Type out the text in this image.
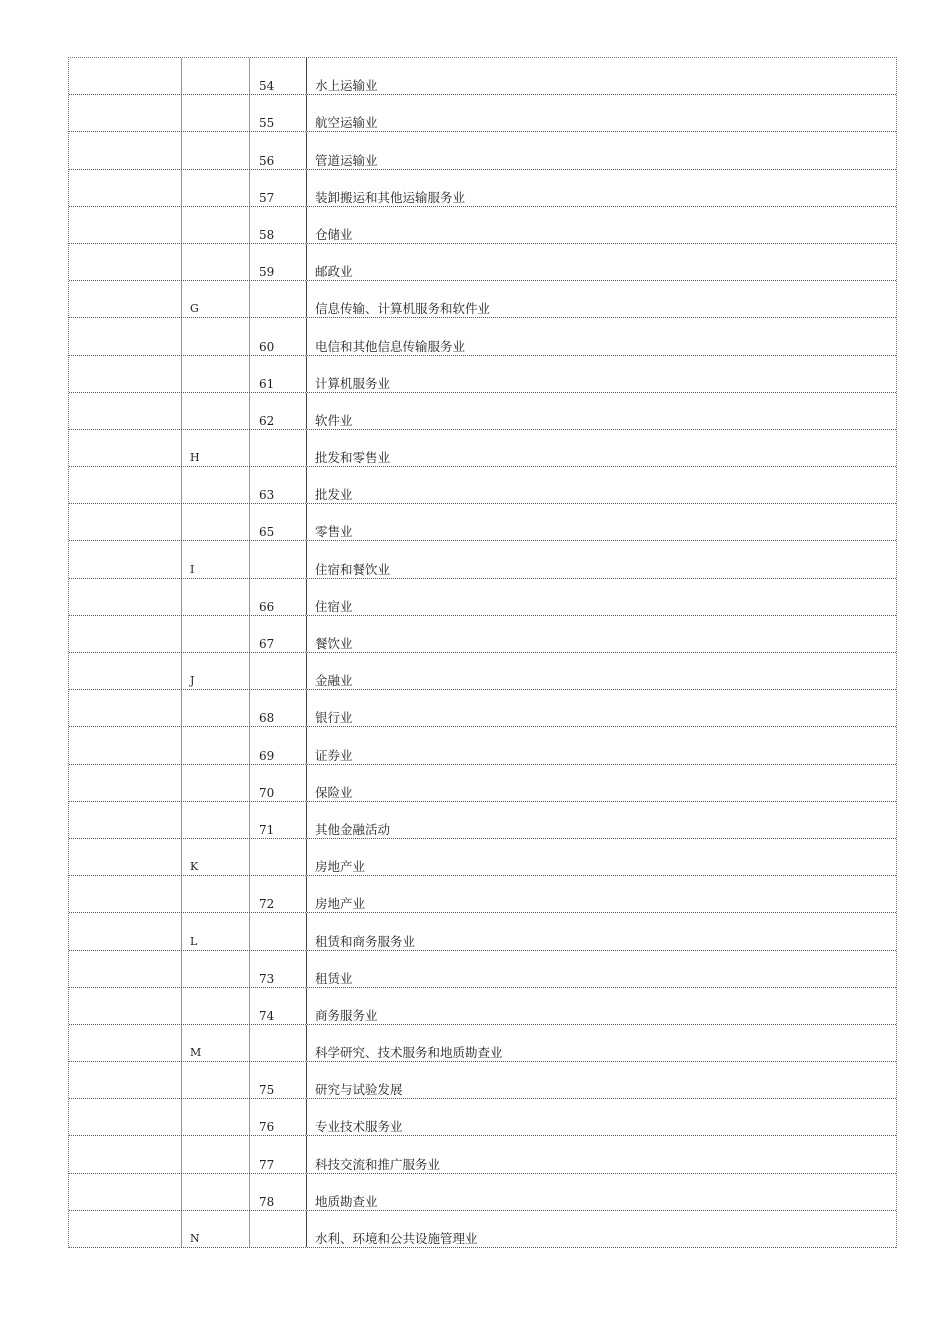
54	水上运输业
55	航空运输业
56	管道运输业
57	装卸搬运和其他运输服务业
58	仓储业
59	邮政业
G	信息传输、计算机服务和软件业
60	电信和其他信息传输服务业
61	计算机服务业
62	软件业
H	批发和零售业
63	批发业
65	零售业
I	住宿和餐饮业
66	住宿业
67	餐饮业
J	金融业
68	银行业
69	证券业
70	保险业
71	其他金融活动
K	房地产业
72	房地产业
L	租赁和商务服务业
73	租赁业
74	商务服务业
M	科学研究、技术服务和地质勘查业
75	研究与试验发展
76	专业技术服务业
77	科技交流和推广服务业
78	地质勘查业
N	水利、环境和公共设施管理业
